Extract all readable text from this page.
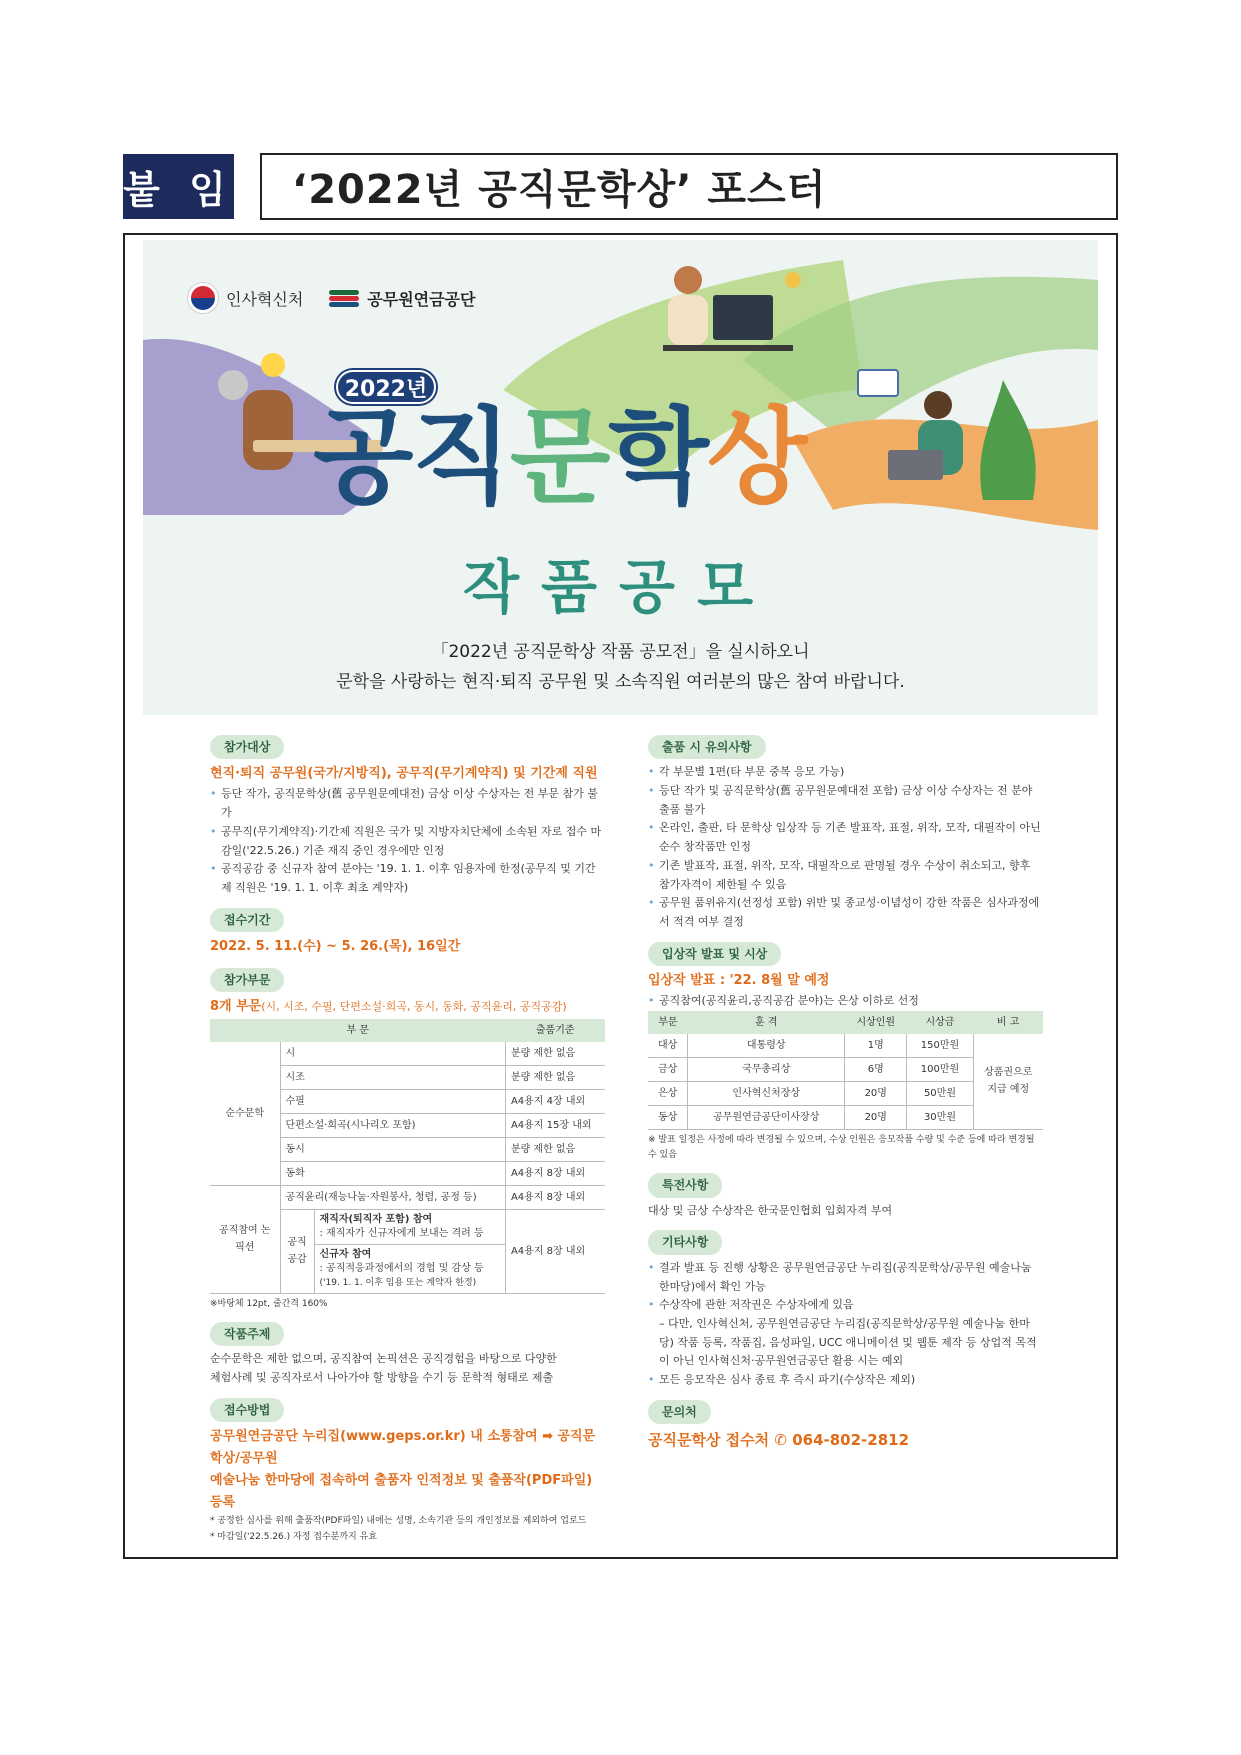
붙 임	‘2022년 공직문학상’ 포스터
인사혁신처	공무원연금공단
2022년
공직문학상
작품공모
「2022년 공직문학상 작품 공모전」을 실시하오니
문학을 사랑하는 현직·퇴직 공무원 및 소속직원 여러분의 많은 참여 바랍니다.
참가대상
현직·퇴직 공무원(국가/지방직), 공무직(무기계약직) 및 기간제 직원
• 등단 작가, 공직문학상(舊 공무원문예대전) 금상 이상 수상자는 전 부문 참가 불가
• 공무직(무기계약직)·기간제 직원은 국가 및 지방자치단체에 소속된 자로 접수 마감일('22.5.26.) 기준 재직 중인 경우에만 인정
• 공직공감 중 신규자 참여 분야는 '19. 1. 1. 이후 임용자에 한정(공무직 및 기간제 직원은 '19. 1. 1. 이후 최초 계약자)
접수기간
2022. 5. 11.(수) ~ 5. 26.(목), 16일간
참가부문
8개 부문(시, 시조, 수필, 단편소설·희곡, 동시, 동화, 공직윤리, 공직공감)
부 문			출품기준
순수문학	시		분량 제한 없음
	시조		분량 제한 없음
	수필		A4용지 4장 내외
	단편소설·희곡(시나리오 포함)		A4용지 15장 내외
	동시		분량 제한 없음
	동화		A4용지 8장 내외
공직참여 논픽션	공직윤리(재능나눔·자원봉사, 청렴, 공정 등)		A4용지 8장 내외
	공직 공감	재직자(퇴직자 포함) 참여
: 재직자가 신규자에게 보내는 격려 등	A4용지 8장 내외
		신규자 참여
: 공직적응과정에서의 경험 및 감상 등
('19. 1. 1. 이후 임용 또는 계약자 한정)	
※바탕체 12pt, 줄간격 160%
작품주제
순수문학은 제한 없으며, 공직참여 논픽션은 공직경험을 바탕으로 다양한
체험사례 및 공직자로서 나아가야 할 방향을 수기 등 문학적 형태로 제출
접수방법
공무원연금공단 누리집(www.geps.or.kr) 내 소통참여 ➡ 공직문학상/공무원
예술나눔 한마당에 접속하여 출품자 인적정보 및 출품작(PDF파일) 등록
* 공정한 심사를 위해 출품작(PDF파일) 내에는 성명, 소속기관 등의 개인정보를 제외하여 업로드
* 마감일('22.5.26.) 자정 접수분까지 유효
출품 시 유의사항
• 각 부문별 1편(타 부문 중복 응모 가능)
• 등단 작가 및 공직문학상(舊 공무원문예대전 포함) 금상 이상 수상자는 전 분야 출품 불가
• 온라인, 출판, 타 문학상 입상작 등 기존 발표작, 표절, 위작, 모작, 대필작이 아닌 순수 창작품만 인정
• 기존 발표작, 표절, 위작, 모작, 대필작으로 판명될 경우 수상이 취소되고, 향후 참가자격이 제한될 수 있음
• 공무원 품위유지(선정성 포함) 위반 및 종교성·이념성이 강한 작품은 심사과정에서 적격 여부 결정
입상작 발표 및 시상
입상작 발표 : '22. 8월 말 예정
• 공직참여(공직윤리,공직공감 분야)는 은상 이하로 선정
부문	훈 격	시상인원	시상금	비 고
대상	대통령상	1명	150만원	상품권으로 지급 예정
금상	국무총리상	6명	100만원	
은상	인사혁신처장상	20명	50만원	
동상	공무원연금공단이사장상	20명	30만원	
※ 발표 일정은 사정에 따라 변경될 수 있으며, 수상 인원은 응모작품 수량 및 수준 등에 따라 변경될 수 있음
특전사항
대상 및 금상 수상작은 한국문인협회 입회자격 부여
기타사항
• 결과 발표 등 진행 상황은 공무원연금공단 누리집(공직문학상/공무원 예술나눔 한마당)에서 확인 가능
• 수상작에 관한 저작권은 수상자에게 있음
– 다만, 인사혁신처, 공무원연금공단 누리집(공직문학상/공무원 예술나눔 한마당) 작품 등록, 작품집, 음성파일, UCC 애니메이션 및 웹툰 제작 등 상업적 목적이 아닌 인사혁신처·공무원연금공단 활용 시는 예외
• 모든 응모작은 심사 종료 후 즉시 파기(수상작은 제외)
문의처
공직문학상 접수처 ✆ 064-802-2812
